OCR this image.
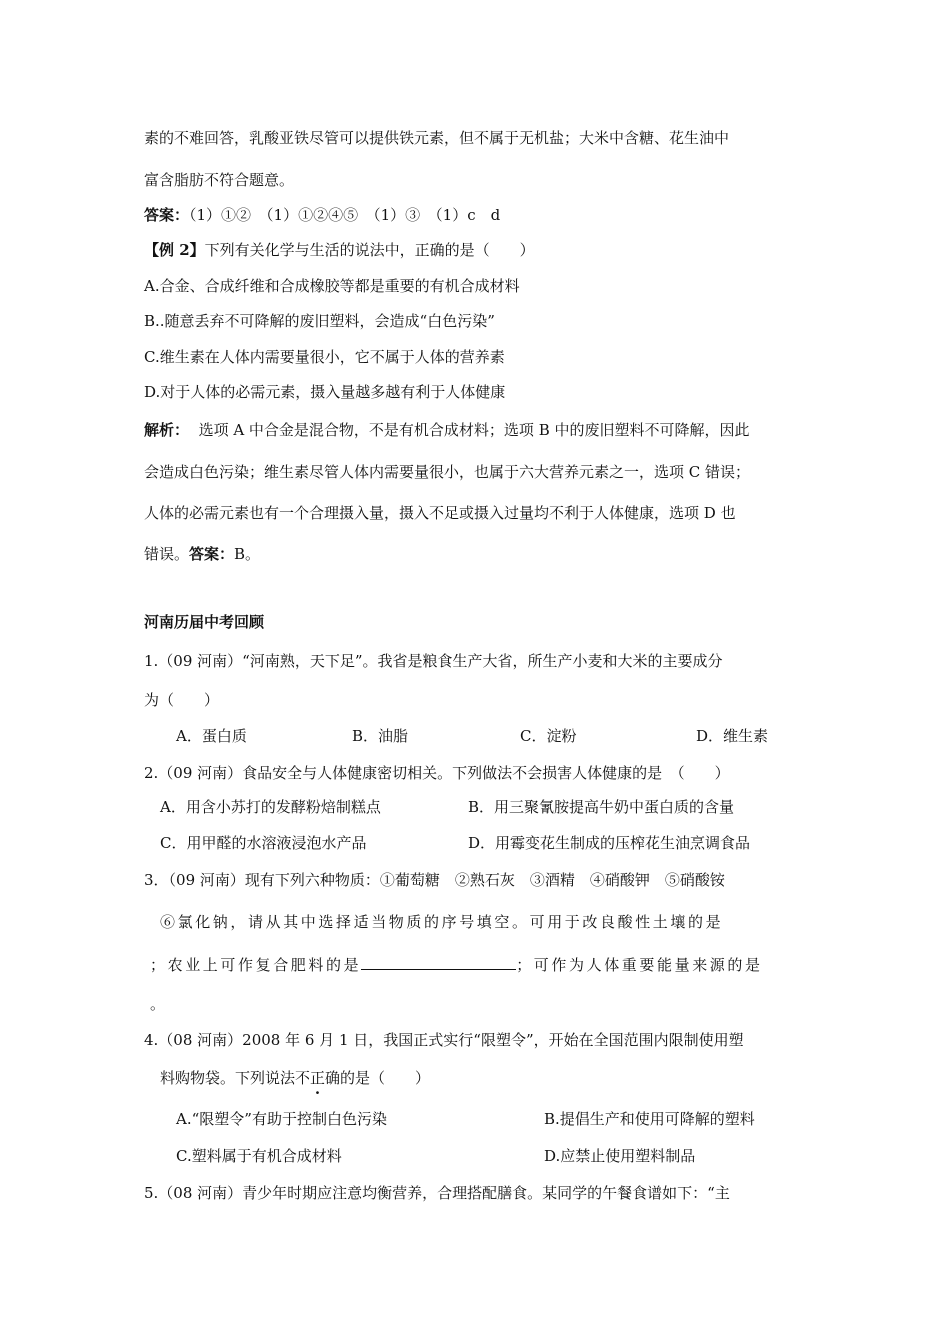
素的不难回答，乳酸亚铁尽管可以提供铁元素，但不属于无机盐；大米中含糖、花生油中
富含脂肪不符合题意。
答案：（1）①②　（1）①②④⑤　（1）③　（1）c　d
【例 2】下列有关化学与生活的说法中，正确的是（　　）
A.合金、合成纤维和合成橡胶等都是重要的有机合成材料
B..随意丢弃不可降解的废旧塑料，会造成“白色污染”
C.维生素在人体内需要量很小，它不属于人体的营养素
D.对于人体的必需元素，摄入量越多越有利于人体健康
解析： 选项 A 中合金是混合物，不是有机合成材料；选项 B 中的废旧塑料不可降解，因此
会造成白色污染；维生素尽管人体内需要量很小，也属于六大营养元素之一，选项 C 错误；
人体的必需元素也有一个合理摄入量，摄入不足或摄入过量均不利于人体健康，选项 D 也
错误。答案：B。
河南历届中考回顾
1.（09 河南）“河南熟，天下足”。我省是粮食生产大省，所生产小麦和大米的主要成分
为（　　）
A．蛋白质	B．油脂	C．淀粉	D．维生素
2.（09 河南）食品安全与人体健康密切相关。下列做法不会损害人体健康的是　（　　）
A．用含小苏打的发酵粉焙制糕点	B．用三聚氰胺提高牛奶中蛋白质的含量
C．用甲醛的水溶液浸泡水产品	D．用霉变花生制成的压榨花生油烹调食品
3．（09 河南）现有下列六种物质：①葡萄糖　②熟石灰　③酒精　④硝酸钾　⑤硝酸铵
⑥氯化钠，请从其中选择适当物质的序号填空。可用于改良酸性土壤的是
；农业上可作复合肥料的是	；可作为人体重要能量来源的是
。
4.（08 河南）2008 年 6 月 1 日，我国正式实行“限塑令”，开始在全国范围内限制使用塑
料购物袋。下列说法不正确的是（　　）
A.“限塑令”有助于控制白色污染	B.提倡生产和使用可降解的塑料
C.塑料属于有机合成材料	D.应禁止使用塑料制品
5.（08 河南）青少年时期应注意均衡营养，合理搭配膳食。某同学的午餐食谱如下：“主
